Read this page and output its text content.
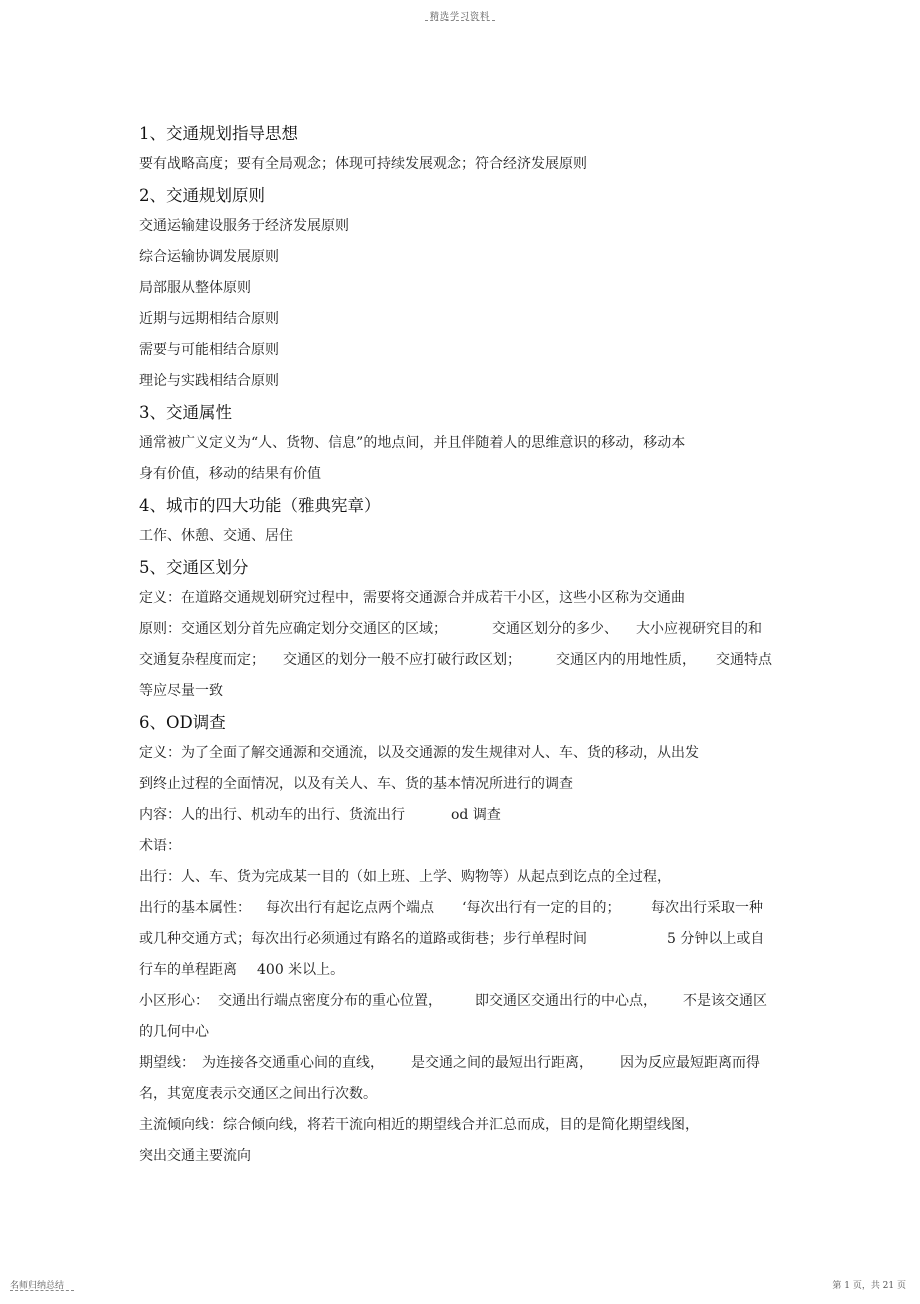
精选学习资料
1、交通规划指导思想
要有战略高度；要有全局观念；体现可持续发展观念；符合经济发展原则
2、交通规划原则
交通运输建设服务于经济发展原则
综合运输协调发展原则
局部服从整体原则
近期与远期相结合原则
需要与可能相结合原则
理论与实践相结合原则
3、交通属性
通常被广义定义为“人、货物、信息”的地点间，并且伴随着人的思维意识的移动，移动本
身有价值，移动的结果有价值
4、城市的四大功能（雅典宪章）
工作、休憩、交通、居住
5、交通区划分
定义：在道路交通规划研究过程中，需要将交通源合并成若干小区，这些小区称为交通曲
原则：交通区划分首先应确定划分交通区的区域；	交通区划分的多少、 大小应视研究目的和
交通复杂程度而定； 交通区的划分一般不应打破行政区划；	交通区内的用地性质， 交通特点
等应尽量一致
6、OD调查
定义：为了全面了解交通源和交通流，以及交通源的发生规律对人、车、货的移动，从出发
到终止过程的全面情况，以及有关人、车、货的基本情况所进行的调查
内容：人的出行、机动车的出行、货流出行	od 调查
术语：
出行：人、车、货为完成某一目的（如上班、上学、购物等）从起点到讫点的全过程，
出行的基本属性： 每次出行有起讫点两个端点 ‘每次出行有一定的目的； 每次出行采取一种
或几种交通方式；每次出行必须通过有路名的道路或街巷；步行单程时间	5 分钟以上或自
行车的单程距离 400 米以上。
小区形心： 交通出行端点密度分布的重心位置， 即交通区交通出行的中心点， 不是该交通区
的几何中心
期望线： 为连接各交通重心间的直线， 是交通之间的最短出行距离， 因为反应最短距离而得
名，其宽度表示交通区之间出行次数。
主流倾向线：综合倾向线，将若干流向相近的期望线合并汇总而成，目的是简化期望线图，
突出交通主要流向
名师归纳总结	第 1 页，共 21 页
